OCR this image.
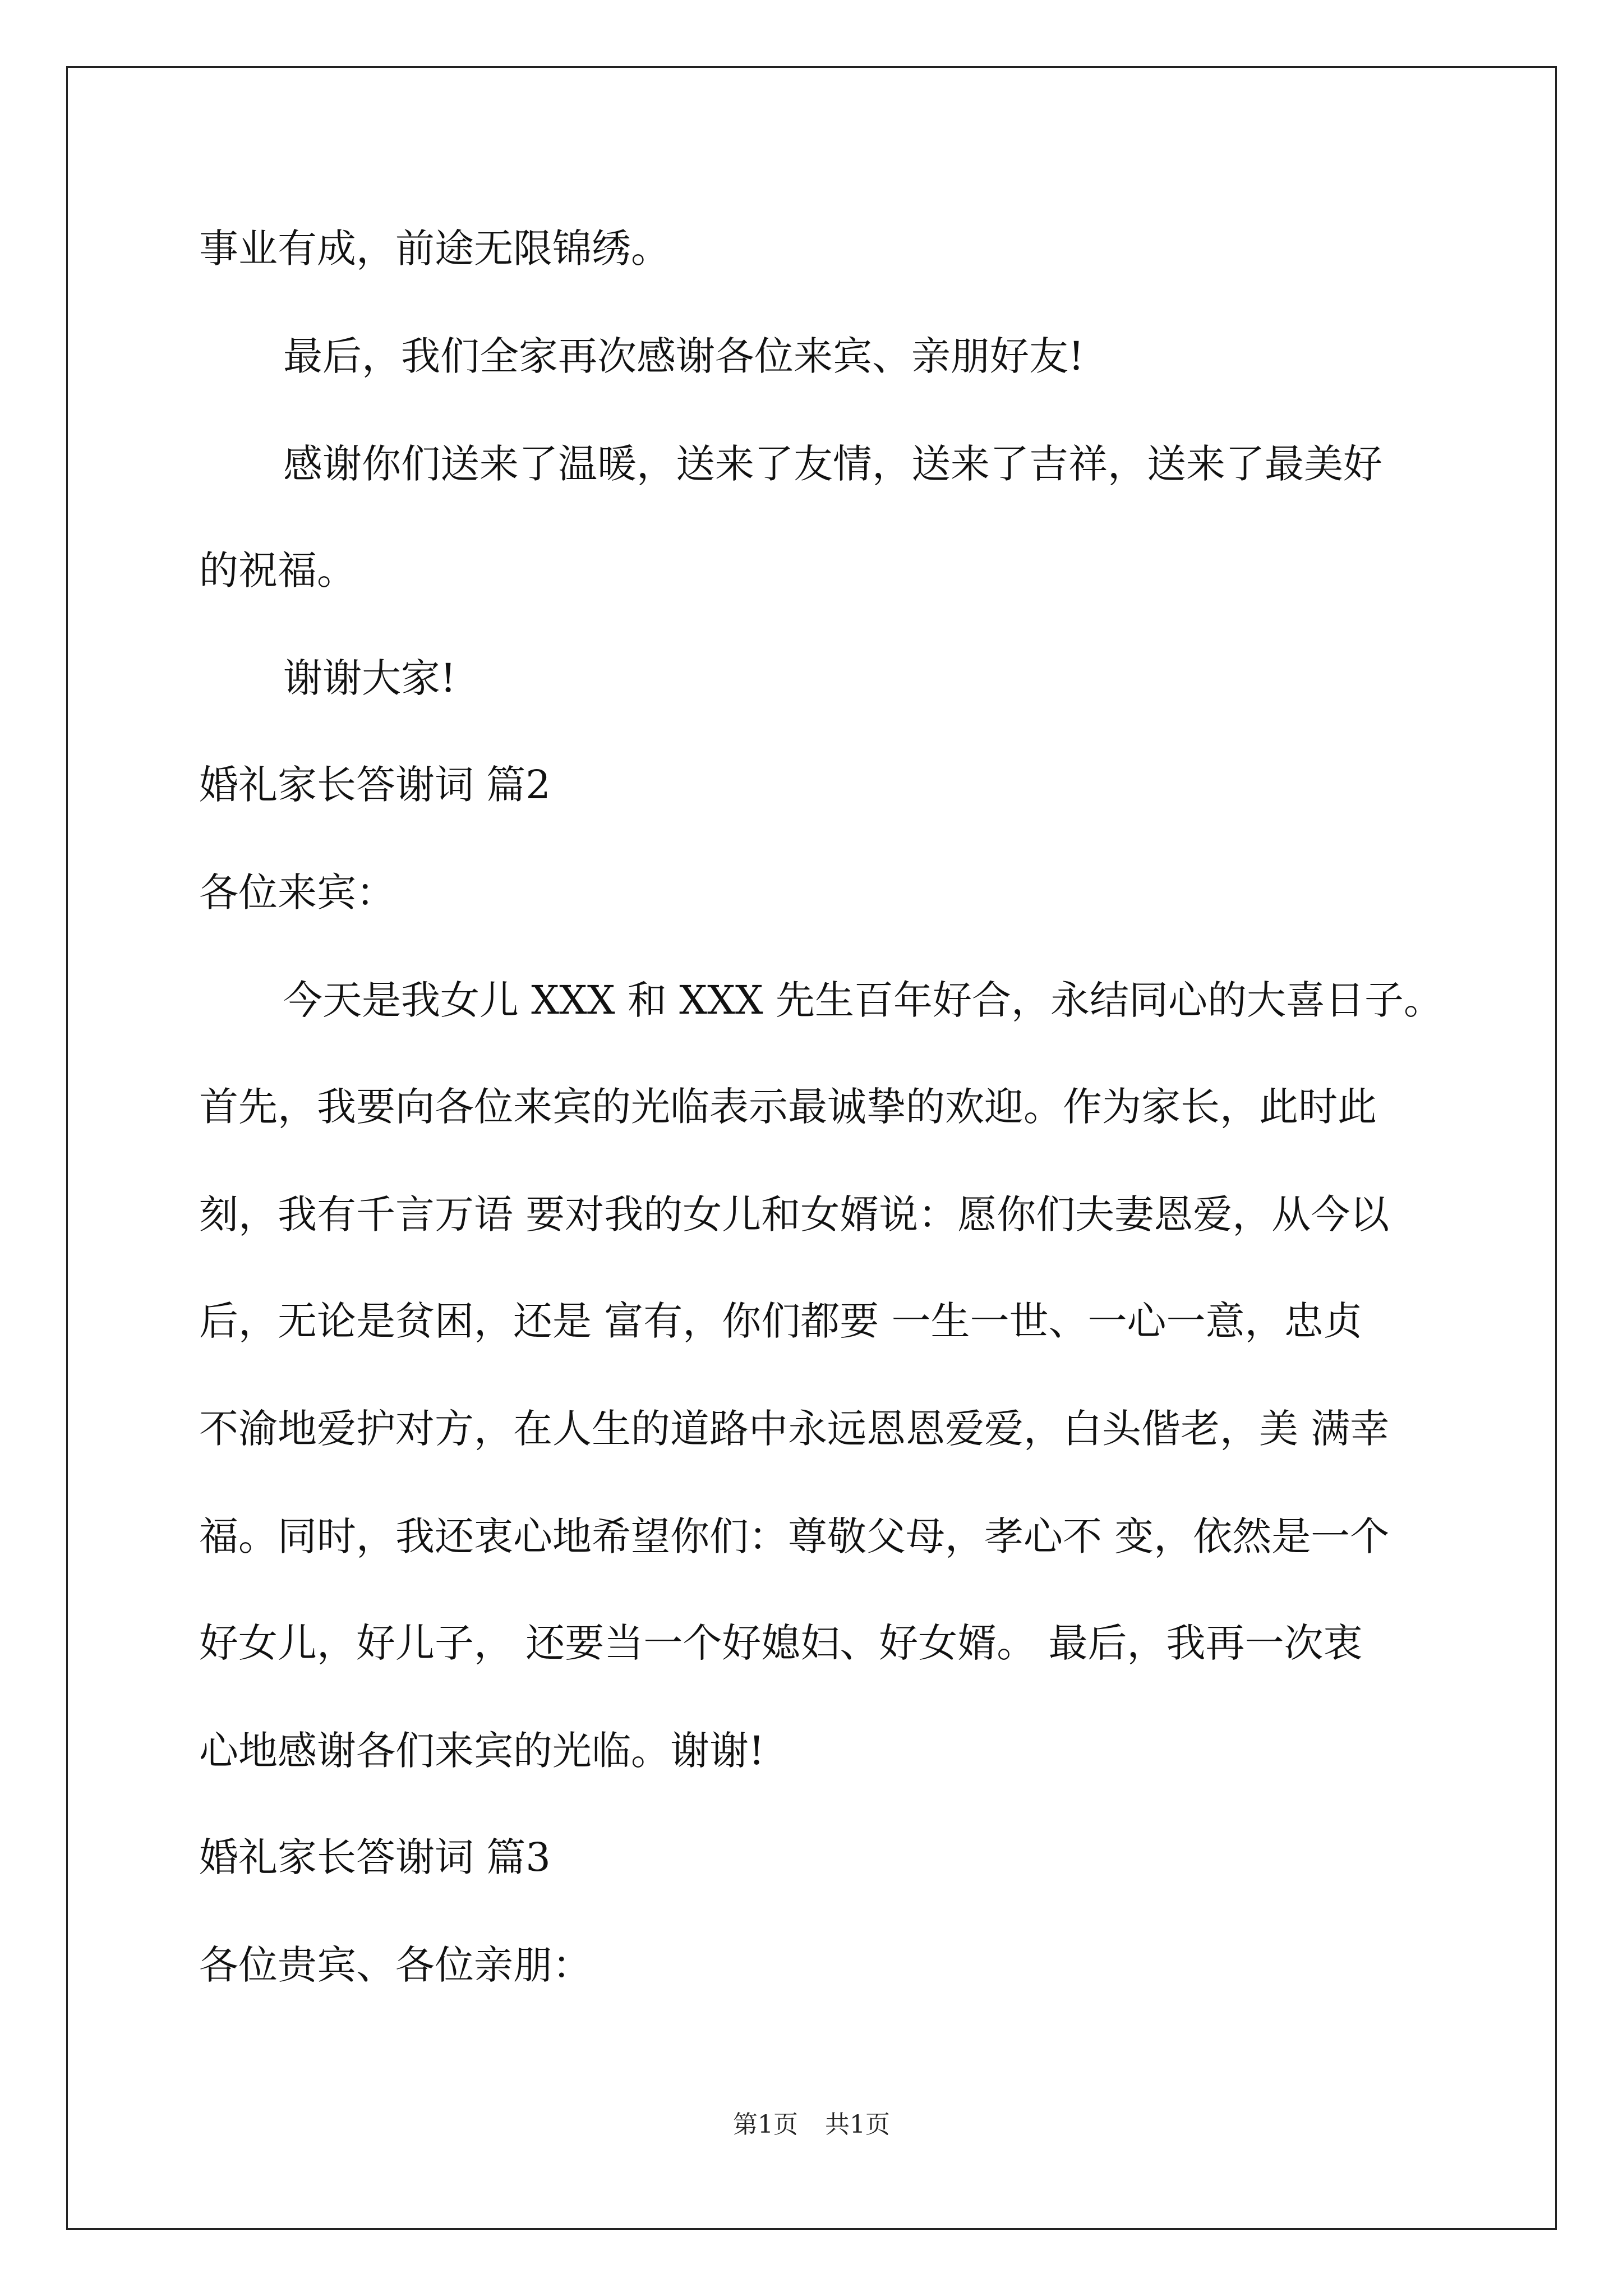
事业有成，前途无限锦绣。
最后，我们全家再次感谢各位来宾、亲朋好友!
感谢你们送来了温暖，送来了友情，送来了吉祥，送来了最美好
的祝福。
谢谢大家!
婚礼家长答谢词 篇2
各位来宾：
今天是我女儿 XXX 和 XXX 先生百年好合，永结同心的大喜日子。
首先，我要向各位来宾的光临表示最诚挚的欢迎。作为家长，此时此
刻，我有千言万语 要对我的女儿和女婿说：愿你们夫妻恩爱，从今以
后，无论是贫困，还是 富有，你们都要 一生一世、一心一意，忠贞
不渝地爱护对方，在人生的道路中永远恩恩爱爱，白头偕老，美 满幸
福。同时，我还衷心地希望你们：尊敬父母，孝心不 变，依然是一个
好女儿，好儿子， 还要当一个好媳妇、好女婿。 最后，我再一次衷
心地感谢各们来宾的光临。谢谢!
婚礼家长答谢词 篇3
各位贵宾、各位亲朋：
第1页 共1页
